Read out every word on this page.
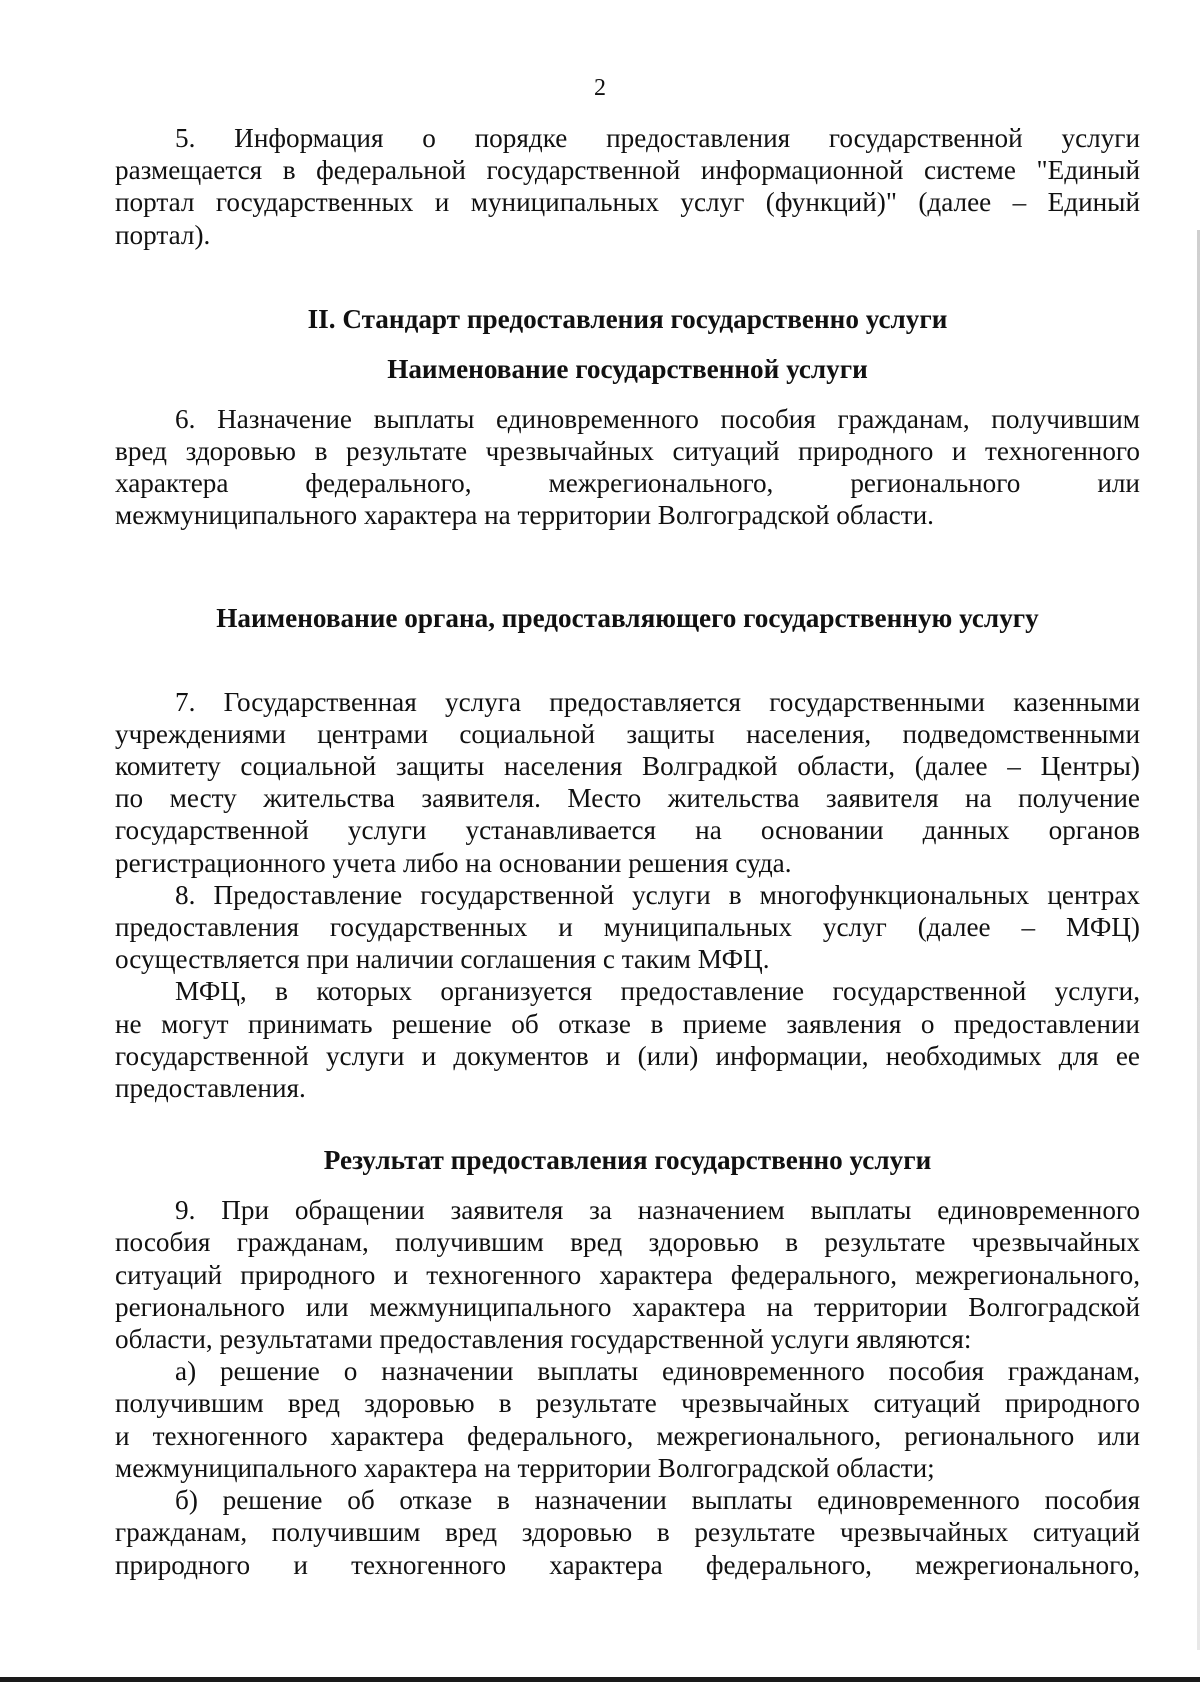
2
5. Информация о порядке предоставления государственной услуги
размещается в федеральной государственной информационной системе "Единый
портал государственных и муниципальных услуг (функций)" (далее – Единый
портал).
II. Стандарт предоставления государственно услуги
Наименование государственной услуги
6. Назначение выплаты единовременного пособия гражданам, получившим
вред здоровью в результате чрезвычайных ситуаций природного и техногенного
характера федерального, межрегионального, регионального или
межмуниципального характера на территории Волгоградской области.
Наименование органа, предоставляющего государственную услугу
7. Государственная услуга предоставляется государственными казенными
учреждениями центрами социальной защиты населения, подведомственными
комитету социальной защиты населения Волградкой области, (далее – Центры)
по месту жительства заявителя. Место жительства заявителя на получение
государственной услуги устанавливается на основании данных органов
регистрационного учета либо на основании решения суда.
8. Предоставление государственной услуги в многофункциональных центрах
предоставления государственных и муниципальных услуг (далее – МФЦ)
осуществляется при наличии соглашения с таким МФЦ.
МФЦ, в которых организуется предоставление государственной услуги,
не могут принимать решение об отказе в приеме заявления о предоставлении
государственной услуги и документов и (или) информации, необходимых для ее
предоставления.
Результат предоставления государственно услуги
9. При обращении заявителя за назначением выплаты единовременного
пособия гражданам, получившим вред здоровью в результате чрезвычайных
ситуаций природного и техногенного характера федерального, межрегионального,
регионального или межмуниципального характера на территории Волгоградской
области, результатами предоставления государственной услуги являются:
а) решение о назначении выплаты единовременного пособия гражданам,
получившим вред здоровью в результате чрезвычайных ситуаций природного
и техногенного характера федерального, межрегионального, регионального или
межмуниципального характера на территории Волгоградской области;
б) решение об отказе в назначении выплаты единовременного пособия
гражданам, получившим вред здоровью в результате чрезвычайных ситуаций
природного и техногенного характера федерального, межрегионального,
